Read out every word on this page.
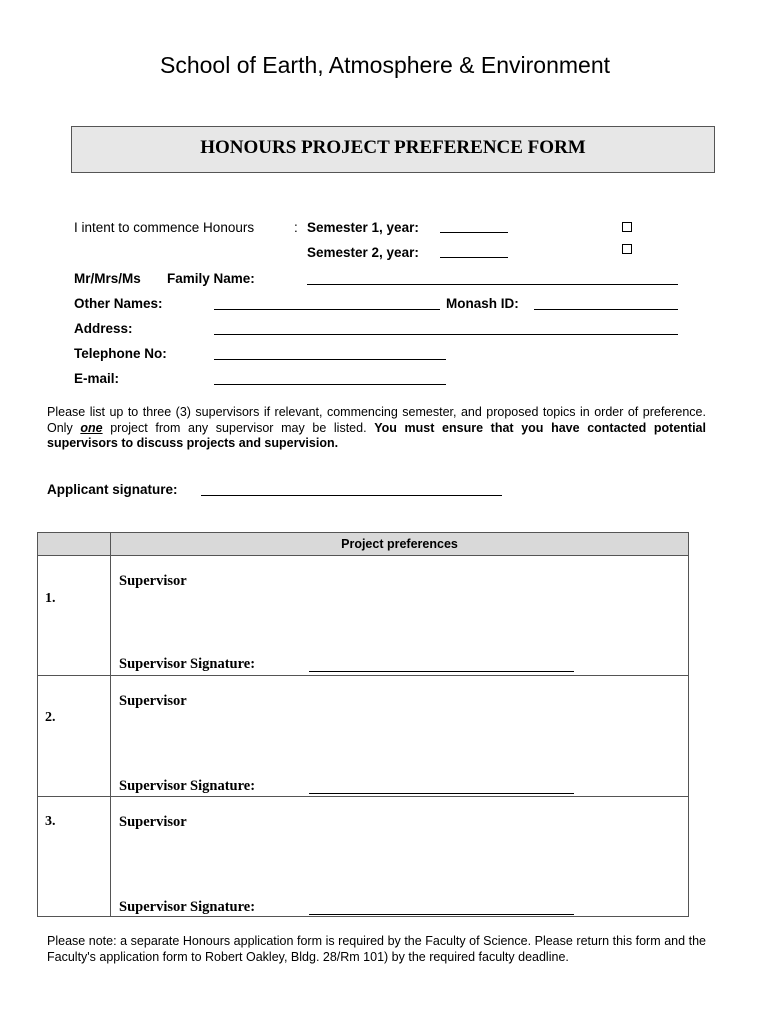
School of Earth, Atmosphere & Environment
HONOURS PROJECT PREFERENCE FORM
I intent to commence Honours	: Semester 1, year:
Semester 2, year:
Mr/Mrs/Ms Family Name:
Other Names:	Monash ID:
Address:
Telephone No:
E-mail:
Please list up to three (3) supervisors if relevant, commencing semester, and proposed topics in order of preference. Only one project from any supervisor may be listed. You must ensure that you have contacted potential supervisors to discuss projects and supervision.
Applicant signature:

	Project preferences

1.	Supervisor
Supervisor Signature:

2.	Supervisor
Supervisor Signature:

3.	Supervisor
Supervisor Signature:
Please note: a separate Honours application form is required by the Faculty of Science. Please return this form and the Faculty's application form to Robert Oakley, Bldg. 28/Rm 101) by the required faculty deadline.
